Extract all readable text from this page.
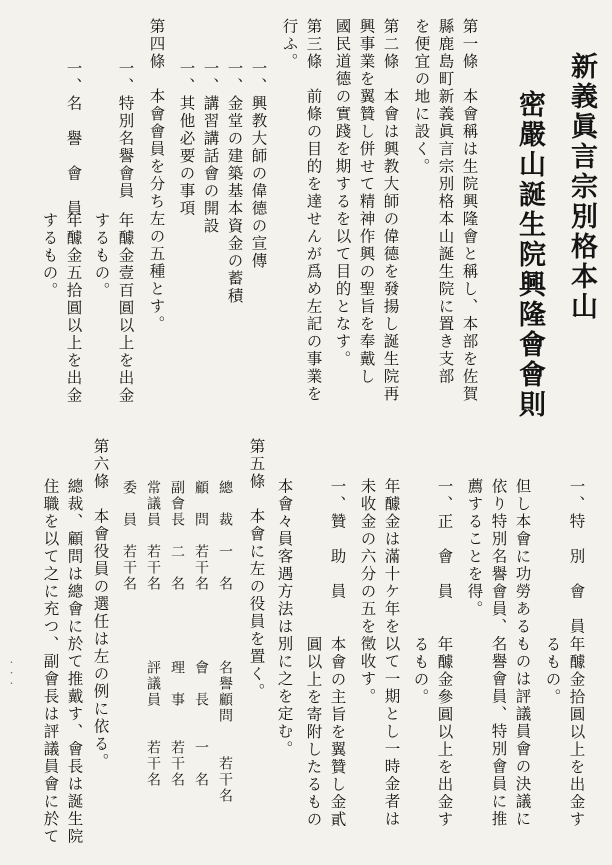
新義眞言宗別格本山
密嚴山誕生院興隆會會則
第一條　本會稱は生院興隆會と稱し、本部を佐賀
縣鹿島町新義眞言宗別格本山誕生院に置き支部
を便宜の地に設く。
第二條　本會は興教大師の偉德を發揚し誕生院再
興事業を翼贊し併せて精神作興の聖旨を奉戴し
國民道德の實踐を期するを以て目的となす。
第三條　前條の目的を達せんが爲め左記の事業を
行ふ。
一、興教大師の偉德の宣傳
一、金堂の建築基本資金の蓄積
一、講習講話會の開設
一、其他必要の事項
第四條　本會會員を分ち左の五種とす。
一、特別名譽會員
年醵金壹百圓以上を出金
するもの。
一、名　譽　會　員
年醵金五拾圓以上を出金
するもの。
一、特　別　會　員
年醵金拾圓以上を出金す
るもの。
但し本會に功勞あるものは評議員會の決議に
依り特別名譽會員、名譽會員、特別會員に推
薦することを得。
一、正　會　員
年醵金參圓以上を出金す
るもの。
年醵金は滿十ケ年を以て一期とし一時金者は
未收金の六分の五を徵收す。
一、贊　助　員
本會の主旨を翼贊し金貳
圓以上を寄附したるもの
本會々員客遇方法は別に之を定む。
第五條　本會に左の役員を置く。
總　裁　一　名
顧　問　若干名
副會長　二　名
常議員　若干名
委　員　若干名
名譽顧問　　若干名
會　長　　一　名
理　事　　若干名
評議員　　若干名
第六條　本會役員の選任は左の例に依る。
總裁、顧問は總會に於て推戴す、會長は誕生院
住職を以て之に充つ、副會長は評議員會に於て
・ ・ ・
